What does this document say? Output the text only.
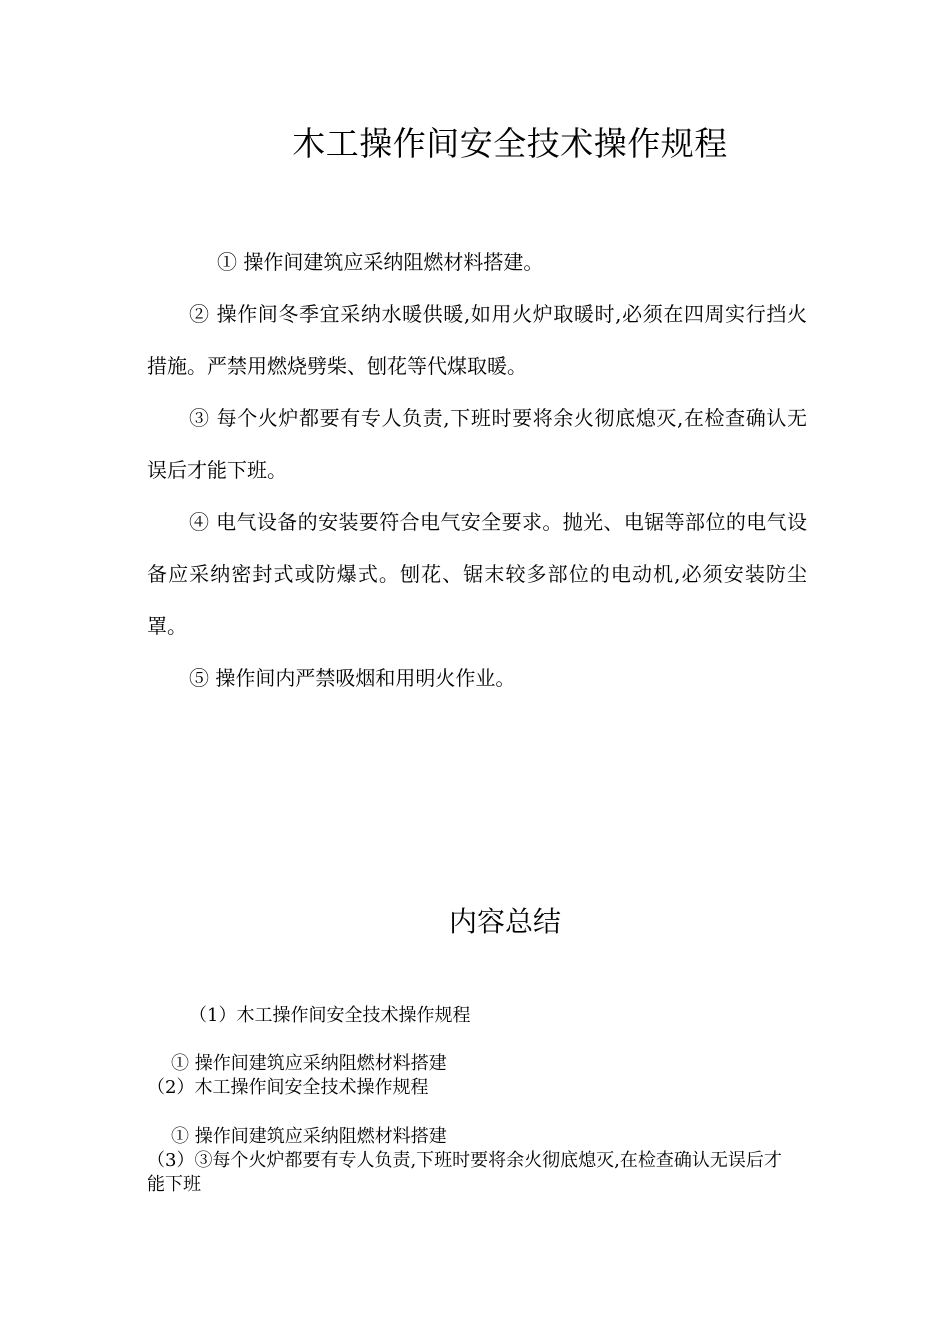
木工操作间安全技术操作规程

① 操作间建筑应采纳阻燃材料搭建。

② 操作间冬季宜采纳水暖供暖,如用火炉取暖时,必须在四周实行挡火措施。严禁用燃烧劈柴、刨花等代煤取暖。

③ 每个火炉都要有专人负责,下班时要将余火彻底熄灭,在检查确认无误后才能下班。

④ 电气设备的安装要符合电气安全要求。抛光、电锯等部位的电气设备应采纳密封式或防爆式。刨花、锯末较多部位的电动机,必须安装防尘罩。

⑤ 操作间内严禁吸烟和用明火作业。

内容总结
（1）木工操作间安全技术操作规程
① 操作间建筑应采纳阻燃材料搭建
（2）木工操作间安全技术操作规程
① 操作间建筑应采纳阻燃材料搭建
（3）③每个火炉都要有专人负责,下班时要将余火彻底熄灭,在检查确认无误后才能下班
